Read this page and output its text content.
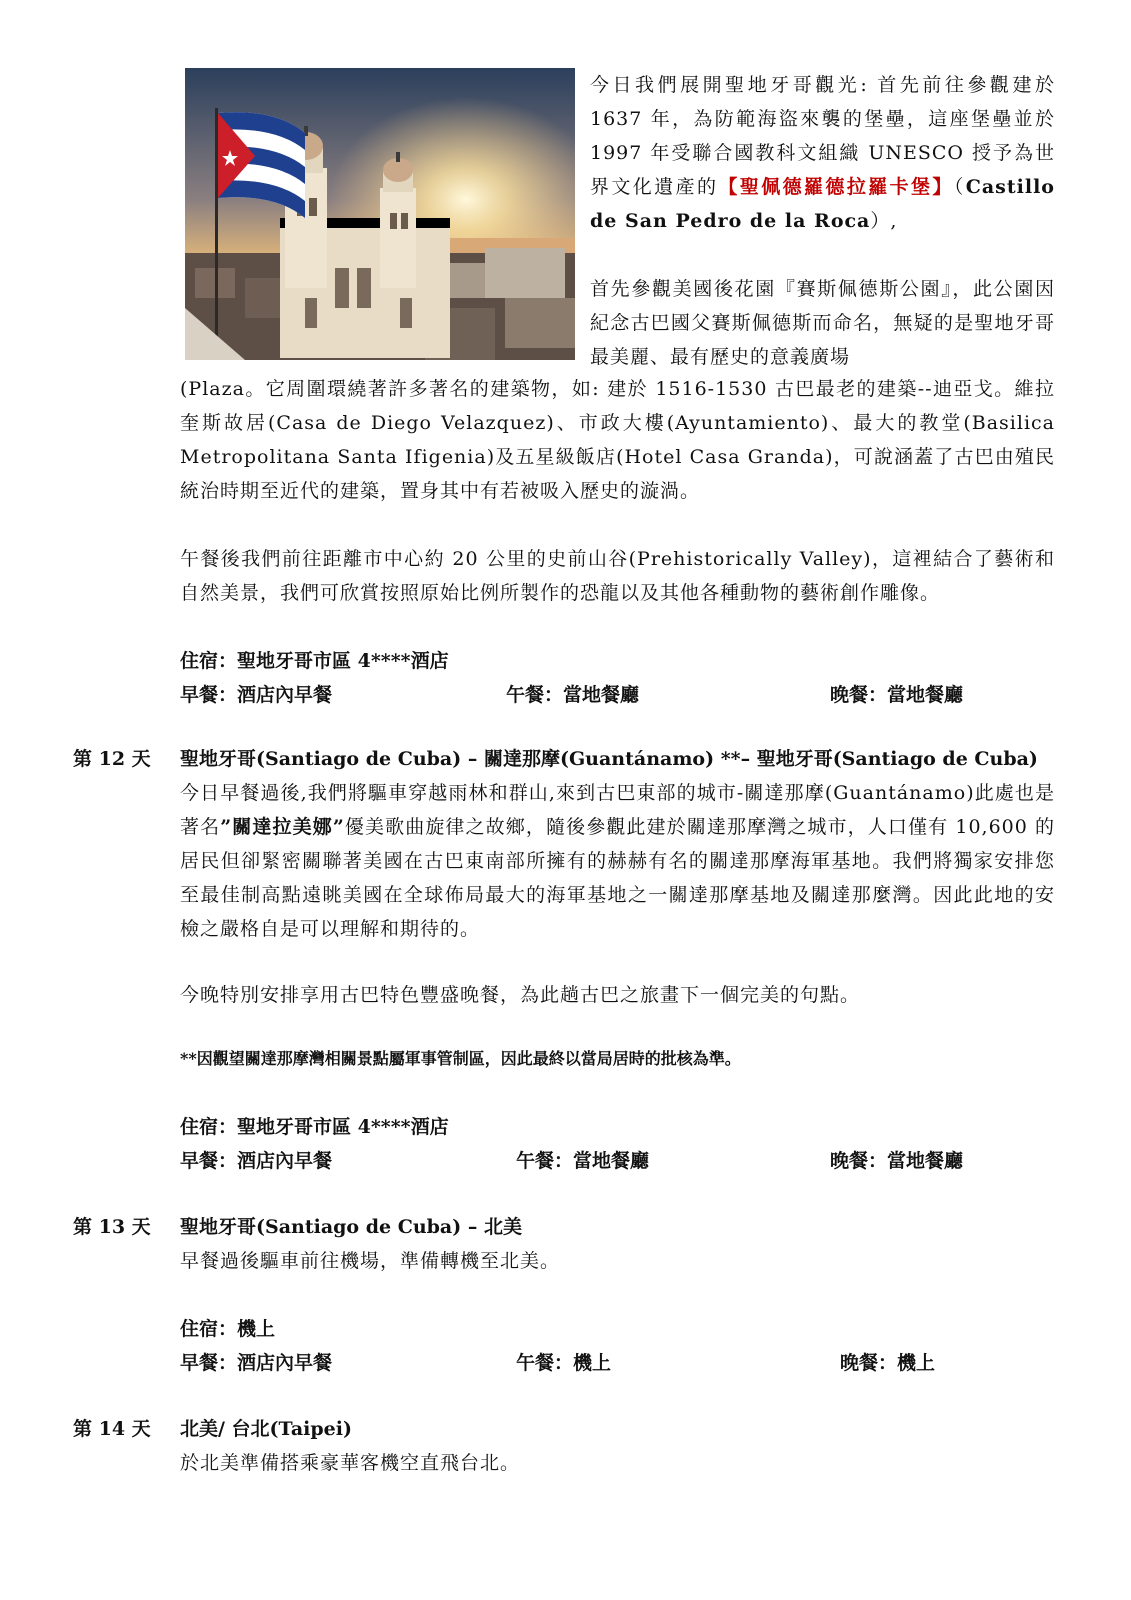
今日我們展開聖地牙哥觀光: 首先前往參觀建於 1637 年，為防範海盜來襲的堡壘，這座堡壘並於 1997 年受聯合國教科文組織 UNESCO 授予為世界文化遺產的【聖佩德羅德拉羅卡堡】（Castillo de San Pedro de la Roca）,

首先參觀美國後花園『賽斯佩德斯公園』，此公園因紀念古巴國父賽斯佩德斯而命名，無疑的是聖地牙哥最美麗、最有歷史的意義廣場

(Plaza。它周圍環繞著許多著名的建築物，如: 建於 1516-1530 古巴最老的建築--迪亞戈。維拉奎斯故居(Casa de Diego Velazquez)、市政大樓(Ayuntamiento)、最大的教堂(Basilica Metropolitana Santa Ifigenia)及五星級飯店(Hotel Casa Granda)，可說涵蓋了古巴由殖民統治時期至近代的建築，置身其中有若被吸入歷史的漩渦。

午餐後我們前往距離市中心約 20 公里的史前山谷(Prehistorically Valley)，這裡結合了藝術和自然美景，我們可欣賞按照原始比例所製作的恐龍以及其他各種動物的藝術創作雕像。

住宿：聖地牙哥市區 4****酒店
早餐：酒店內早餐	午餐：當地餐廳	晚餐：當地餐廳
第 12 天 聖地牙哥(Santiago de Cuba) – 關達那摩(Guantánamo) **– 聖地牙哥(Santiago de Cuba)

今日早餐過後,我們將驅車穿越雨林和群山,來到古巴東部的城市-關達那摩(Guantánamo)此處也是著名”關達拉美娜”優美歌曲旋律之故鄉，隨後參觀此建於關達那摩灣之城市，人口僅有 10,600 的居民但卻緊密關聯著美國在古巴東南部所擁有的赫赫有名的關達那摩海軍基地。我們將獨家安排您至最佳制高點遠眺美國在全球佈局最大的海軍基地之一關達那摩基地及關達那麼灣。因此此地的安檢之嚴格自是可以理解和期待的。

今晚特別安排享用古巴特色豐盛晚餐，為此趟古巴之旅畫下一個完美的句點。

**因觀望關達那摩灣相關景點屬軍事管制區，因此最終以當局居時的批核為準。
住宿：聖地牙哥市區 4****酒店
早餐：酒店內早餐	午餐：當地餐廳	晚餐：當地餐廳
第 13 天 聖地牙哥(Santiago de Cuba) – 北美

早餐過後驅車前往機場，準備轉機至北美。

住宿：機上
早餐：酒店內早餐	午餐：機上	晚餐：機上
第 14 天 北美/ 台北(Taipei)

於北美準備搭乘豪華客機空直飛台北。
